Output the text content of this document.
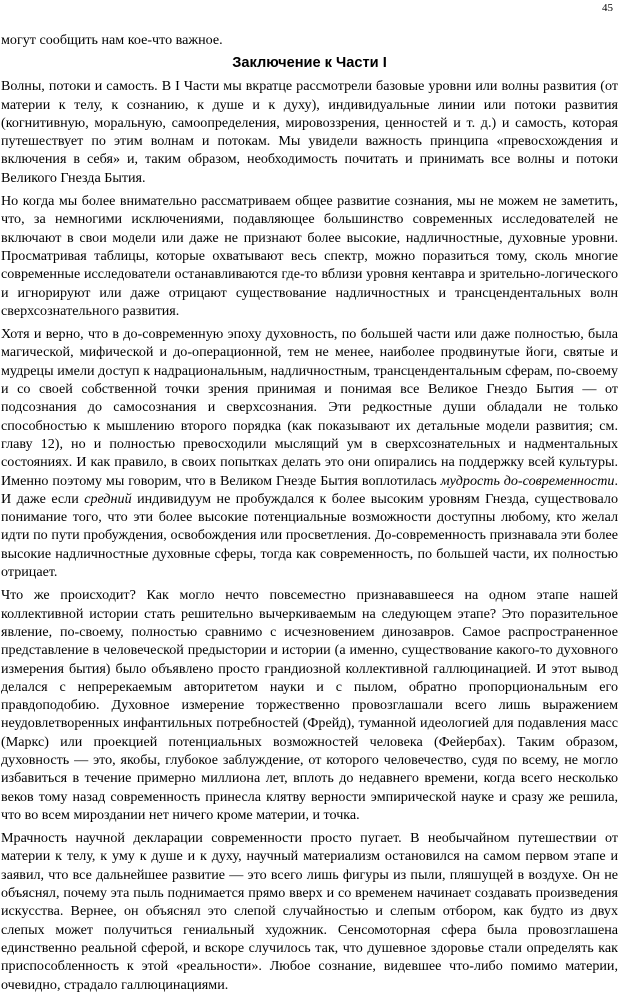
45

могут сообщить нам кое-что важное.

Заключение к Части I

Волны, потоки и самость. В I Части мы вкратце рассмотрели базовые уровни или волны развития (от материи к телу, к сознанию, к душе и к духу), индивидуальные линии или потоки развития (когнитивную, моральную, самоопределения, мировоззрения, ценностей и т. д.) и самость, которая путешествует по этим волнам и потокам. Мы увидели важность принципа «превосхождения и включения в себя» и, таким образом, необходимость почитать и принимать все волны и потоки Великого Гнезда Бытия.

Но когда мы более внимательно рассматриваем общее развитие сознания, мы не можем не заметить, что, за немногими исключениями, подавляющее большинство современных исследователей не включают в свои модели или даже не признают более высокие, надличностные, духовные уровни. Просматривая таблицы, которые охватывают весь спектр, можно поразиться тому, сколь многие современные исследователи останавливаются где-то вблизи уровня кентавра и зрительно-логического и игнорируют или даже отрицают существование надличностных и трансцендентальных волн сверхсознательного развития.

Хотя и верно, что в до-современную эпоху духовность, по большей части или даже полностью, была магической, мифической и до-операционной, тем не менее, наиболее продвинутые йоги, святые и мудрецы имели доступ к надрациональным, надличностным, трансцендентальным сферам, по-своему и со своей собственной точки зрения принимая и понимая все Великое Гнездо Бытия — от подсознания до самосознания и сверхсознания. Эти редкостные души обладали не только способностью к мышлению второго порядка (как показывают их детальные модели развития; см. главу 12), но и полностью превосходили мыслящий ум в сверхсознательных и надментальных состояниях. И как правило, в своих попытках делать это они опирались на поддержку всей культуры. Именно поэтому мы говорим, что в Великом Гнезде Бытия воплотилась мудрость до-современности. И даже если средний индивидуум не пробуждался к более высоким уровням Гнезда, существовало понимание того, что эти более высокие потенциальные возможности доступны любому, кто желал идти по пути пробуждения, освобождения или просветления. До-современность признавала эти более высокие надличностные духовные сферы, тогда как современность, по большей части, их полностью отрицает.

Что же происходит? Как могло нечто повсеместно признававшееся на одном этапе нашей коллективной истории стать решительно вычеркиваемым на следующем этапе? Это поразительное явление, по-своему, полностью сравнимо с исчезновением динозавров. Самое распространенное представление в человеческой предыстории и истории (а именно, существование какого-то духовного измерения бытия) было объявлено просто грандиозной коллективной галлюцинацией. И этот вывод делался с непререкаемым авторитетом науки и с пылом, обратно пропорциональным его правдоподобию. Духовное измерение торжественно провозглашали всего лишь выражением неудовлетворенных инфантильных потребностей (Фрейд), туманной идеологией для подавления масс (Маркс) или проекцией потенциальных возможностей человека (Фейербах). Таким образом, духовность — это, якобы, глубокое заблуждение, от которого человечество, судя по всему, не могло избавиться в течение примерно миллиона лет, вплоть до недавнего времени, когда всего несколько веков тому назад современность принесла клятву верности эмпирической науке и сразу же решила, что во всем мироздании нет ничего кроме материи, и точка.

Мрачность научной декларации современности просто пугает. В необычайном путешествии от материи к телу, к уму к душе и к духу, научный материализм остановился на самом первом этапе и заявил, что все дальнейшее развитие — это всего лишь фигуры из пыли, пляшущей в воздухе. Он не объяснял, почему эта пыль поднимается прямо вверх и со временем начинает создавать произведения искусства. Вернее, он объяснял это слепой случайностью и слепым отбором, как будто из двух слепых может получиться гениальный художник. Сенсомоторная сфера была провозглашена единственно реальной сферой, и вскоре случилось так, что душевное здоровье стали определять как приспособленность к этой «реальности». Любое сознание, видевшее что-либо помимо материи, очевидно, страдало галлюцинациями.
